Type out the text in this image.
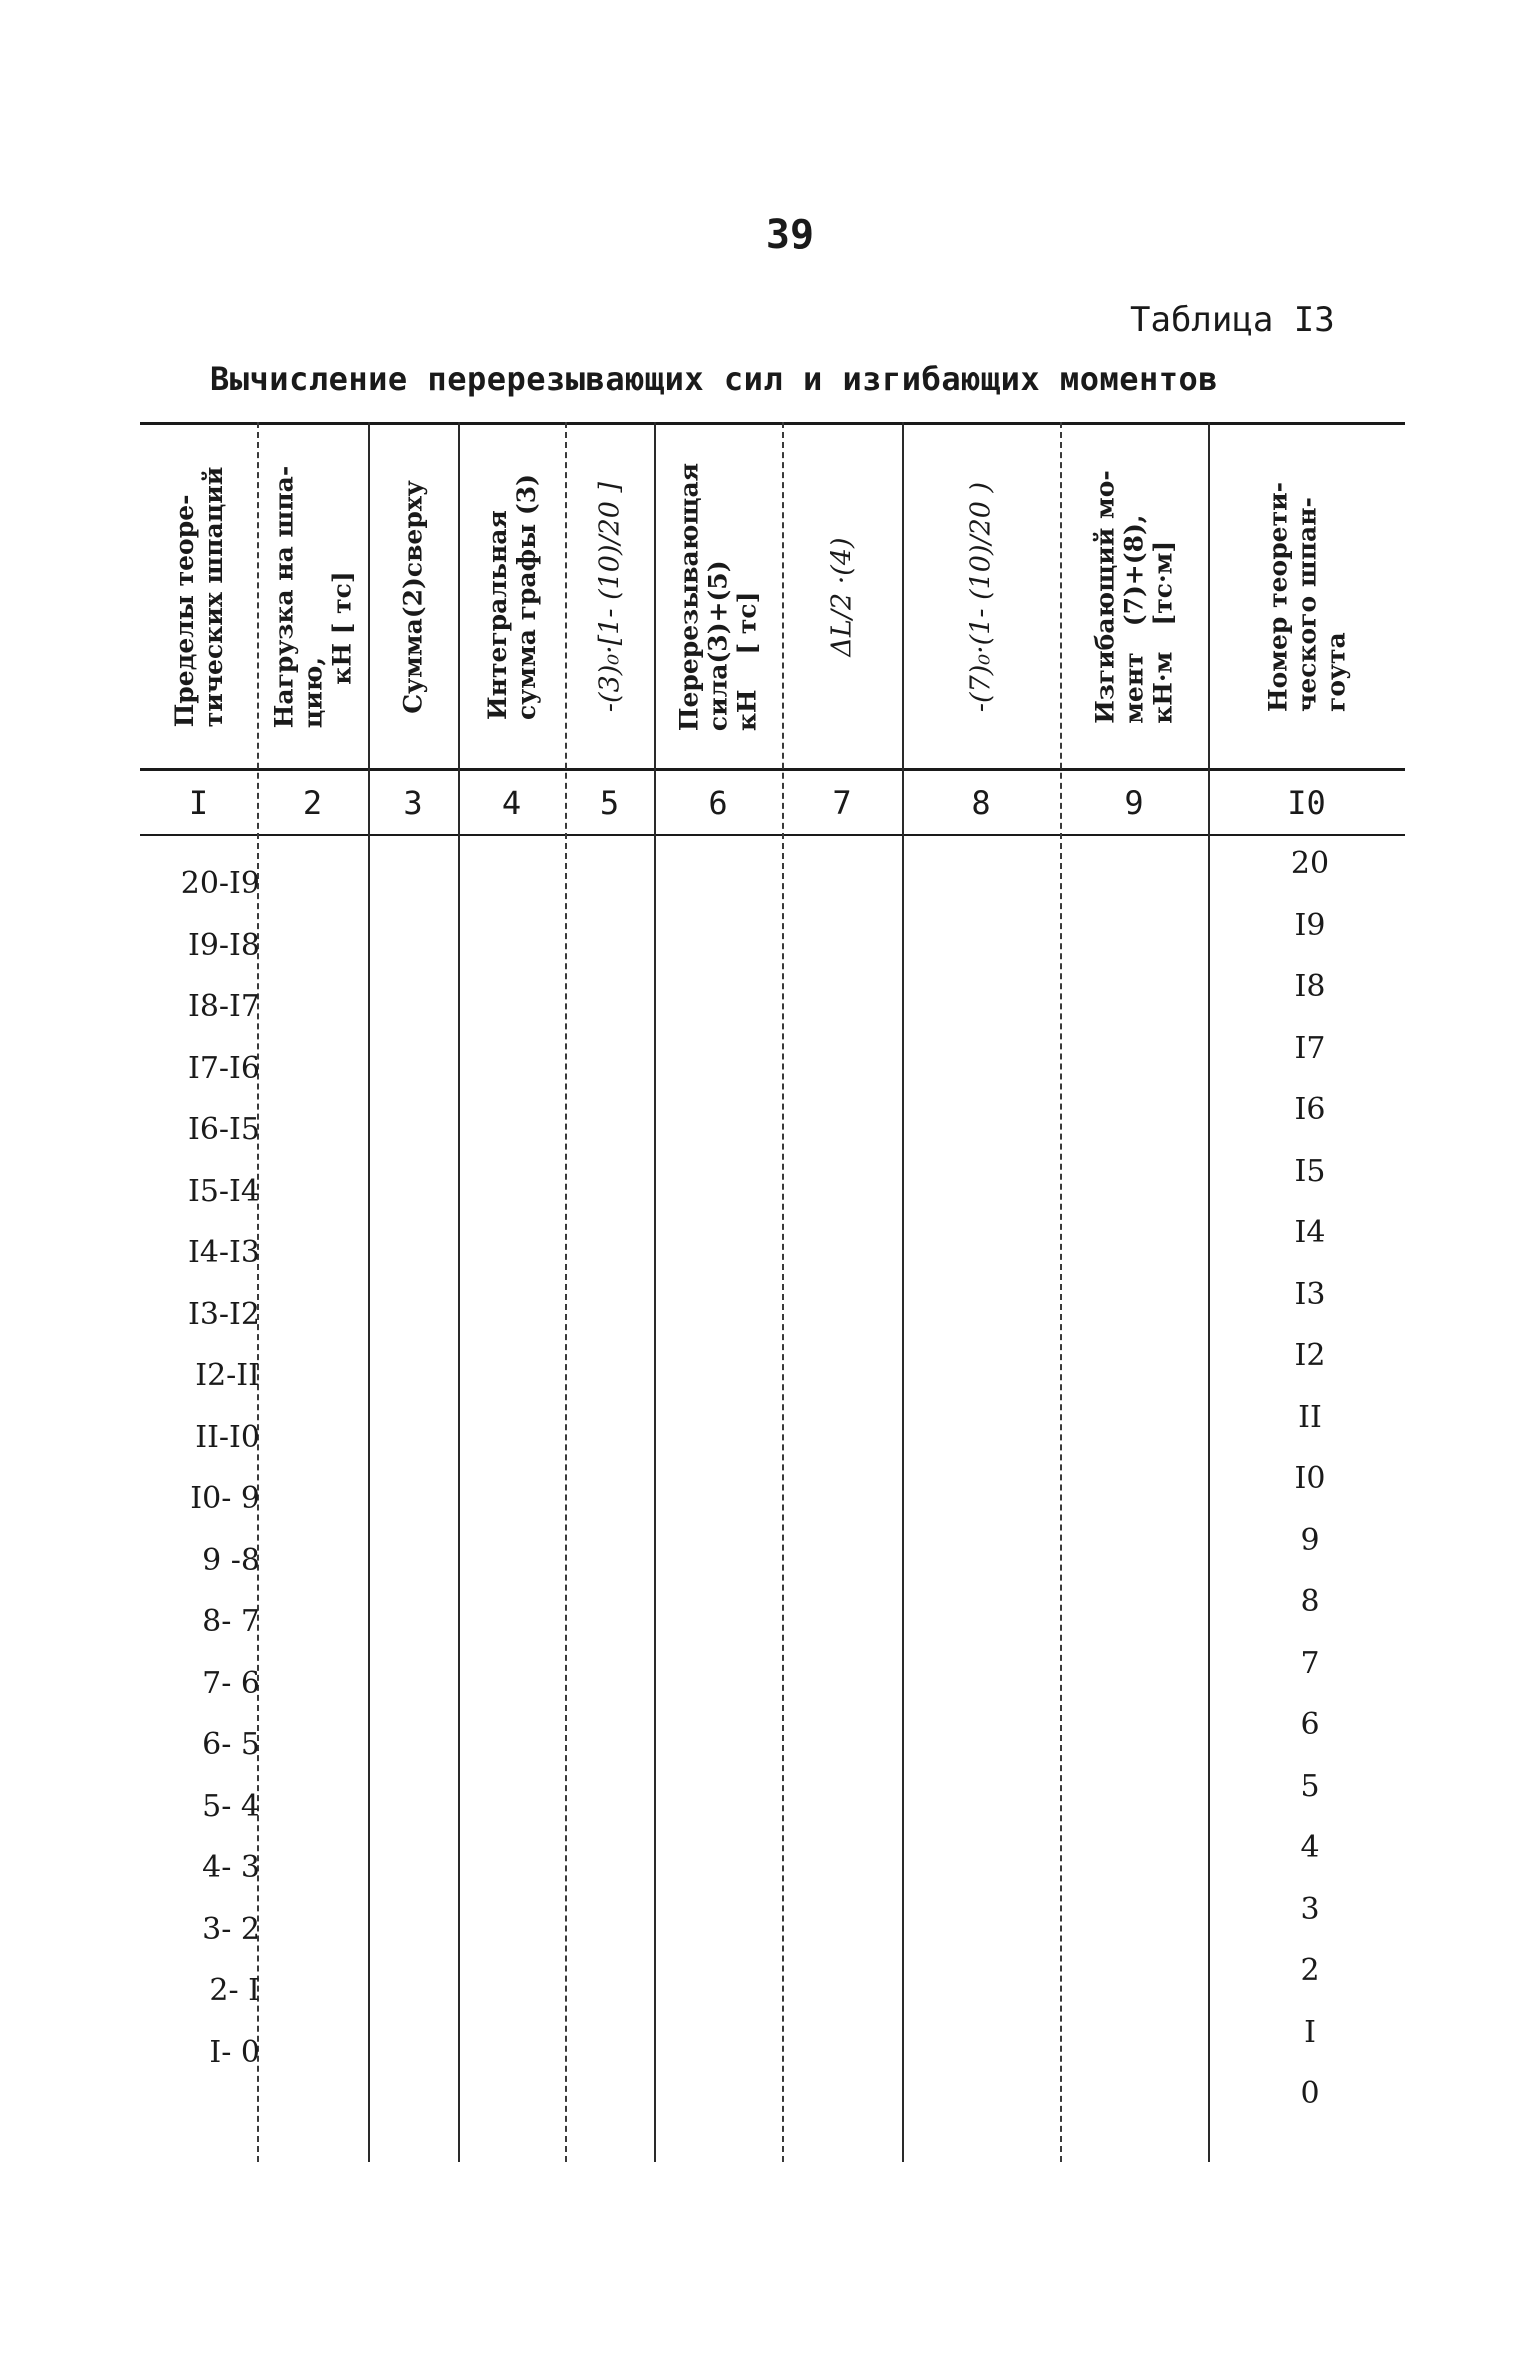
39
Таблица I3
Вычисление перерезывающих сил и изгибающих моментов
Пределы теоре-
тических шпаций
I
Нагрузка на шпа-
цию,
кН [ тс]
2
Сумма(2)сверху
3
Интегральная
сумма графы (3)
4
-(3)₀·[1- (10)/20 ]
5
Перерезывающая
сила(3)+(5)
кН    [ тс]
6
ΔL/2 ·(4)
7
-(7)₀·(1- (10)/20 )
8
Изгибающий мо-
мент   (7)+(8),
кН·м   [тс·м]
9
Номер теорети-
ческого шпан-
гоута
I0
20-I9
I9-I8
I8-I7
I7-I6
I6-I5
I5-I4
I4-I3
I3-I2
I2-II
II-I0
I0- 9
9 -8
8- 7
7- 6
6- 5
5- 4
4- 3
3- 2
2- I
I- 0
20
I9
I8
I7
I6
I5
I4
I3
I2
II
I0
9
8
7
6
5
4
3
2
I
0
